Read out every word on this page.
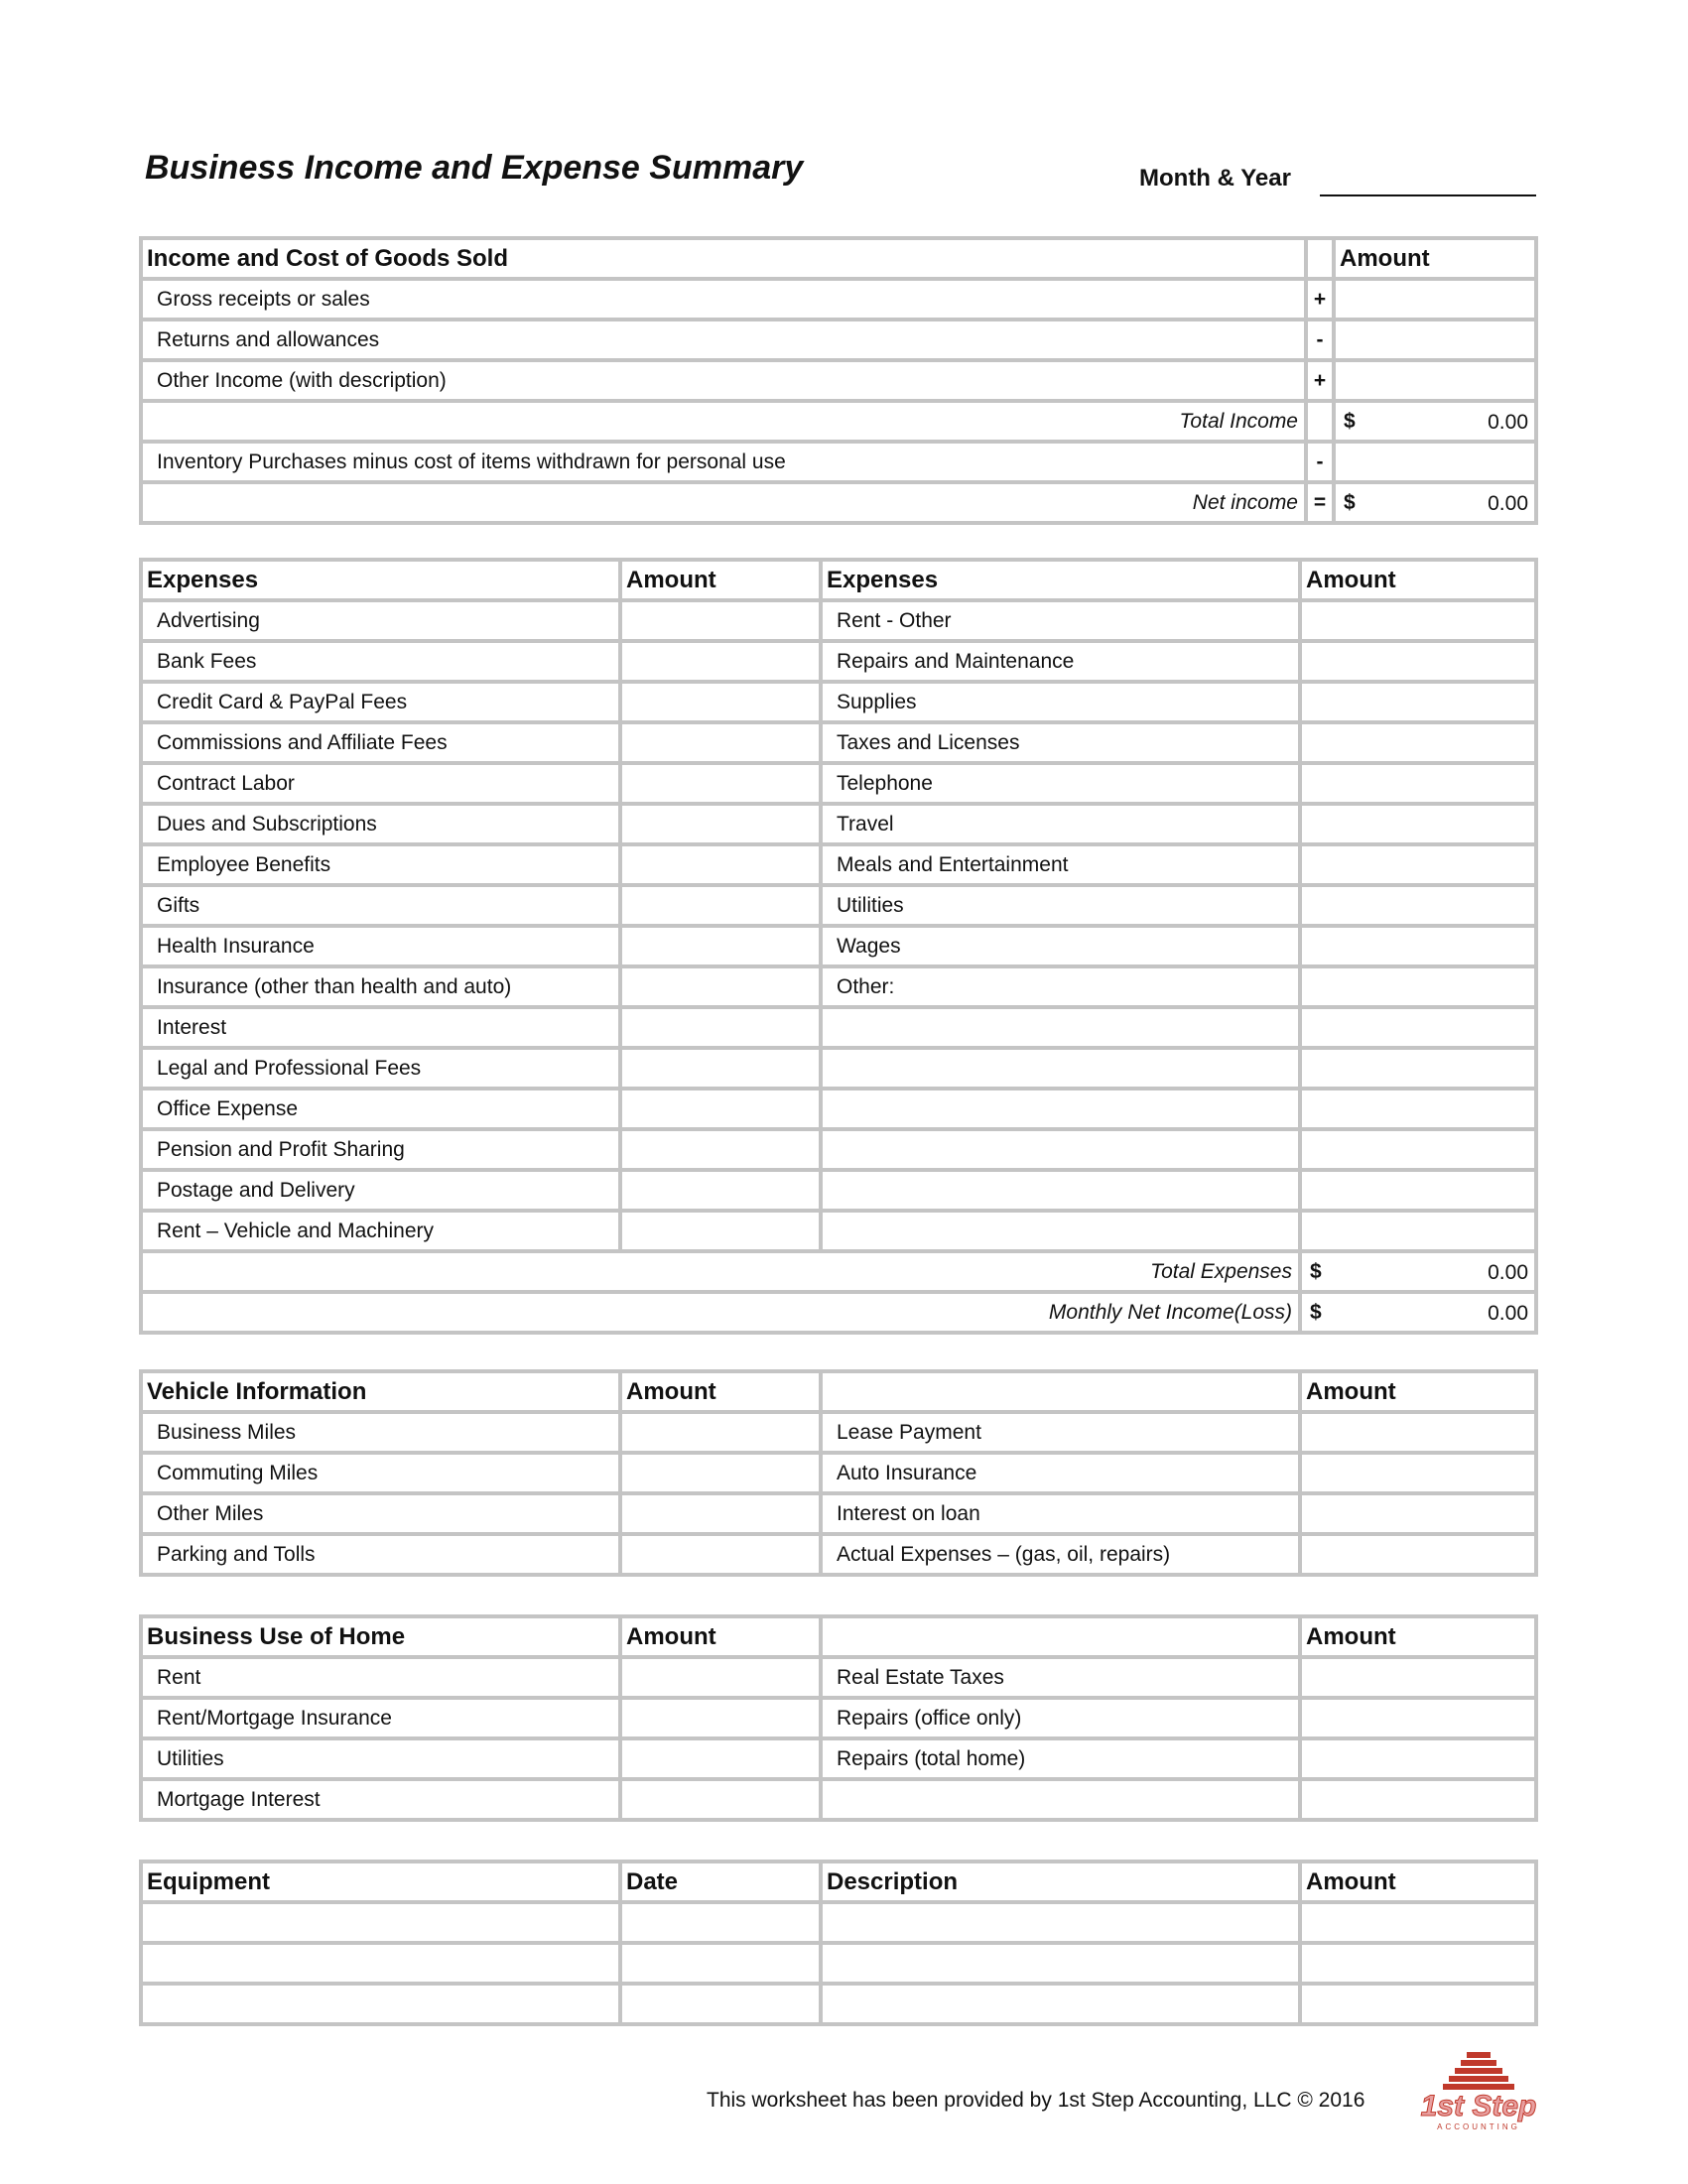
Business Income and Expense Summary	Month & Year
Income and Cost of Goods Sold		Amount
Gross receipts or sales	+	
Returns and allowances	-	
Other Income (with description)	+	
Total Income		$ 0.00

Inventory Purchases minus cost of items withdrawn for personal use	-	
Net income	=	$ 0.00
Expenses	Amount	Expenses	Amount
Advertising		Rent - Other	
Bank Fees		Repairs and Maintenance	
Credit Card & PayPal Fees		Supplies	
Commissions and Affiliate Fees		Taxes and Licenses	
Contract Labor		Telephone	
Dues and Subscriptions		Travel	
Employee Benefits		Meals and Entertainment	
Gifts		Utilities	
Health Insurance		Wages	
Insurance (other than health and auto)		Other:	
Interest			
Legal and Professional Fees			
Office Expense			
Pension and Profit Sharing			
Postage and Delivery			
Rent – Vehicle and Machinery			
Total Expenses			$ 0.00

Monthly Net Income(Loss)			$ 0.00
Vehicle Information	Amount		Amount
Business Miles		Lease Payment	
Commuting Miles		Auto Insurance	
Other Miles		Interest on loan	
Parking and Tolls		Actual Expenses – (gas, oil, repairs)	
Business Use of Home	Amount		Amount
Rent		Real Estate Taxes	
Rent/Mortgage Insurance		Repairs (office only)	
Utilities		Repairs (total home)	
Mortgage Interest			
Equipment	Date	Description	Amount

This worksheet has been provided by 1st Step Accounting, LLC © 2016 1st Step
ACCOUNTING
